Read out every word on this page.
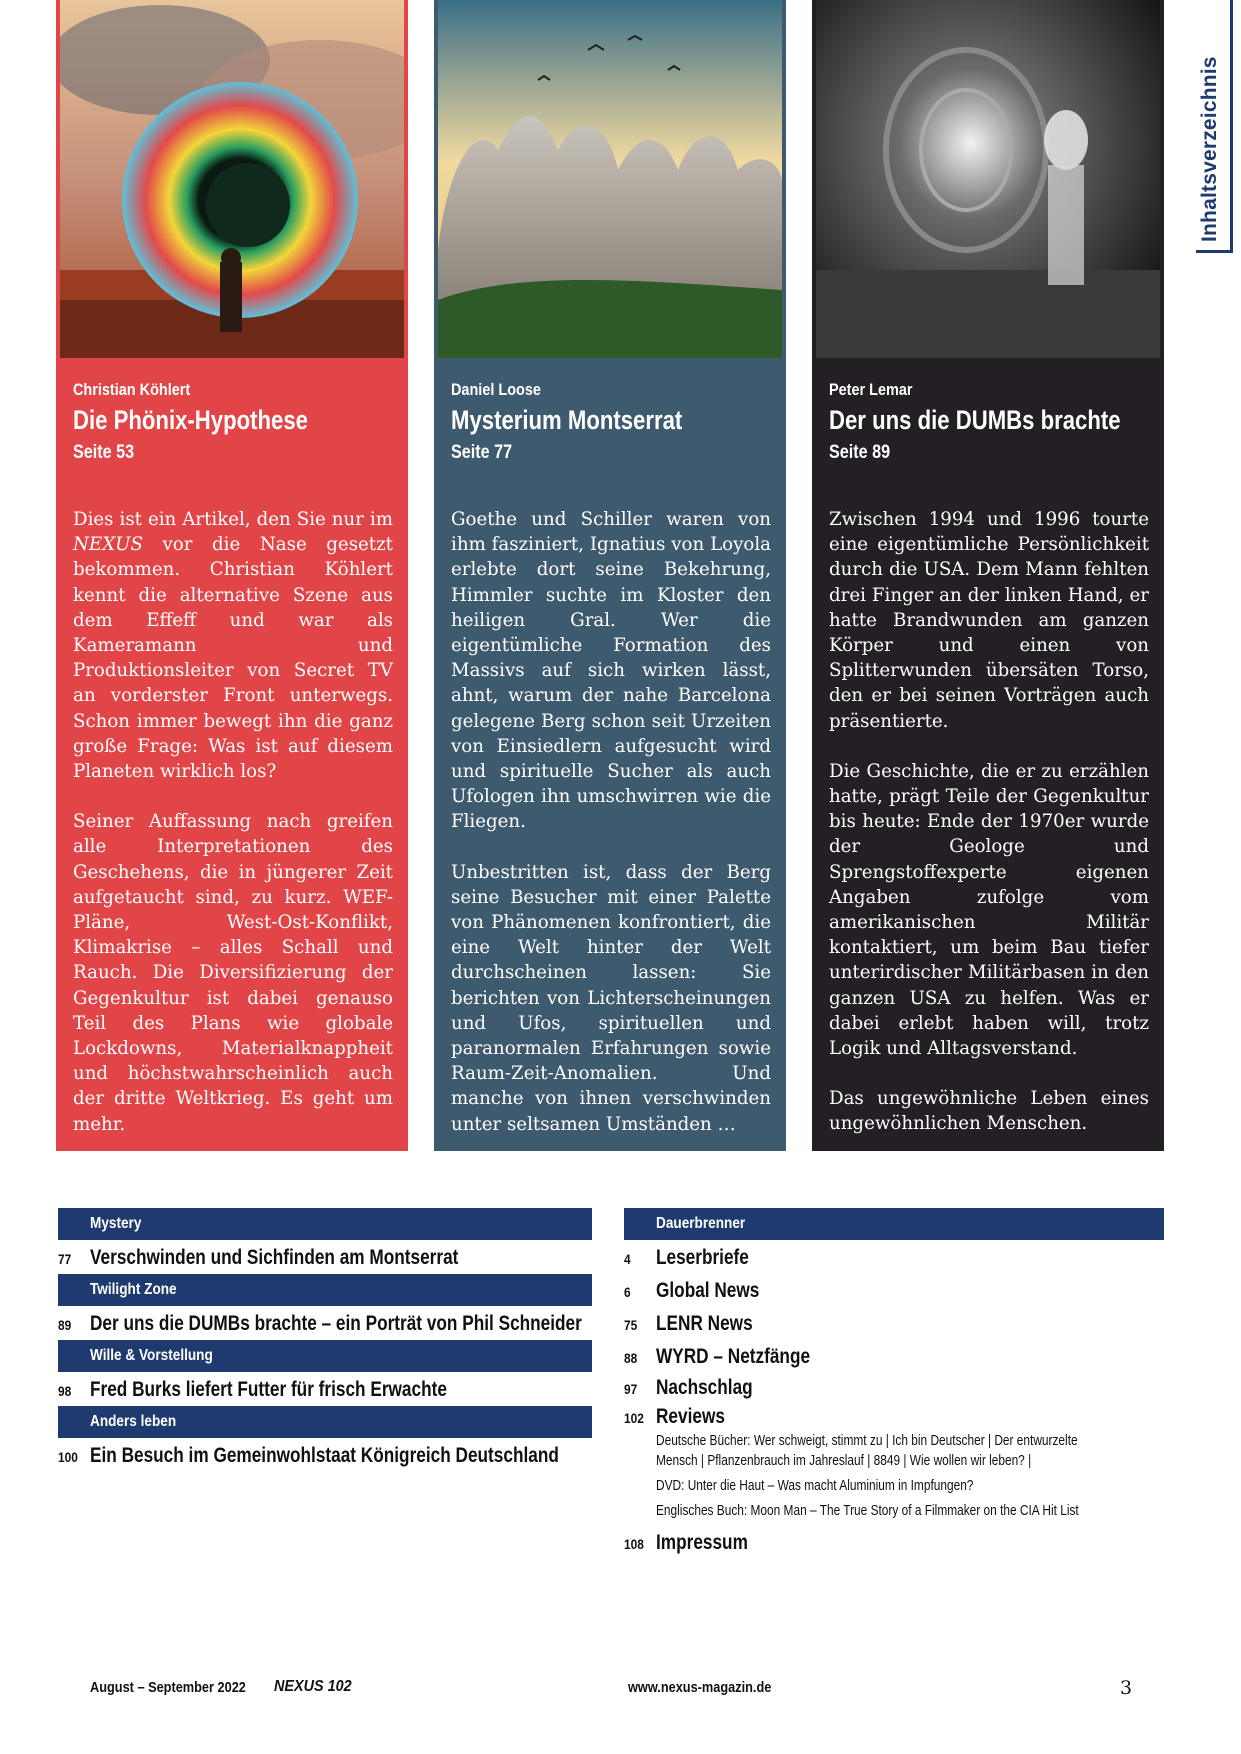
Inhaltsverzeichnis
Christian Köhlert
Die Phönix-Hypothese
Seite 53

Dies ist ein Artikel, den Sie nur im NEXUS vor die Nase gesetzt bekommen. Christian Köhlert kennt die alternative Szene aus dem Effeff und war als Kameramann und Produktionsleiter von Secret TV an vorderster Front unterwegs. Schon immer bewegt ihn die ganz große Frage: Was ist auf diesem Planeten wirklich los?

Seiner Auffassung nach greifen alle Interpretationen des Geschehens, die in jüngerer Zeit aufgetaucht sind, zu kurz. WEF-Pläne, West-Ost-Konflikt, Klimakrise – alles Schall und Rauch. Die Diversifizierung der Gegenkultur ist dabei genauso Teil des Plans wie globale Lockdowns, Materialknappheit und höchstwahrscheinlich auch der dritte Weltkrieg. Es geht um mehr.

Daniel Loose
Mysterium Montserrat
Seite 77

Goethe und Schiller waren von ihm fasziniert, Ignatius von Loyola erlebte dort seine Bekehrung, Himmler suchte im Kloster den heiligen Gral. Wer die eigentümliche Formation des Massivs auf sich wirken lässt, ahnt, warum der nahe Barcelona gelegene Berg schon seit Urzeiten von Einsiedlern aufgesucht wird und spirituelle Sucher als auch Ufologen ihn umschwirren wie die Fliegen.

Unbestritten ist, dass der Berg seine Besucher mit einer Palette von Phänomenen konfrontiert, die eine Welt hinter der Welt durchscheinen lassen: Sie berichten von Lichterscheinungen und Ufos, spirituellen und paranormalen Erfahrungen sowie Raum-Zeit-Anomalien. Und manche von ihnen verschwinden unter seltsamen Umständen …

Peter Lemar
Der uns die DUMBs brachte
Seite 89

Zwischen 1994 und 1996 tourte eine eigentümliche Persönlichkeit durch die USA. Dem Mann fehlten drei Finger an der linken Hand, er hatte Brandwunden am ganzen Körper und einen von Splitterwunden übersäten Torso, den er bei seinen Vorträgen auch präsentierte.

Die Geschichte, die er zu erzählen hatte, prägt Teile der Gegenkultur bis heute: Ende der 1970er wurde der Geologe und Sprengstoffexperte eigenen Angaben zufolge vom amerikanischen Militär kontaktiert, um beim Bau tiefer unterirdischer Militärbasen in den ganzen USA zu helfen. Was er dabei erlebt haben will, trotz Logik und Alltagsverstand.

Das ungewöhnliche Leben eines ungewöhnlichen Menschen.

Mystery
77 Verschwinden und Sichfinden am Montserrat
Twilight Zone
89 Der uns die DUMBs brachte – ein Porträt von Phil Schneider
Wille & Vorstellung
98 Fred Burks liefert Futter für frisch Erwachte
Anders leben
100 Ein Besuch im Gemeinwohlstaat Königreich Deutschland
Dauerbrenner
4 Leserbriefe
6 Global News
75 LENR News
88 WYRD – Netzfänge
97 Nachschlag
102 Reviews
Deutsche Bücher: Wer schweigt, stimmt zu | Ich bin Deutscher | Der entwurzelte
Mensch | Pflanzenbrauch im Jahreslauf | 8849 | Wie wollen wir leben? |
DVD: Unter die Haut – Was macht Aluminium in Impfungen?
Englisches Buch: Moon Man – The True Story of a Filmmaker on the CIA Hit List
108 Impressum
August – September 2022 NEXUS 102	www.nexus-magazin.de	3
